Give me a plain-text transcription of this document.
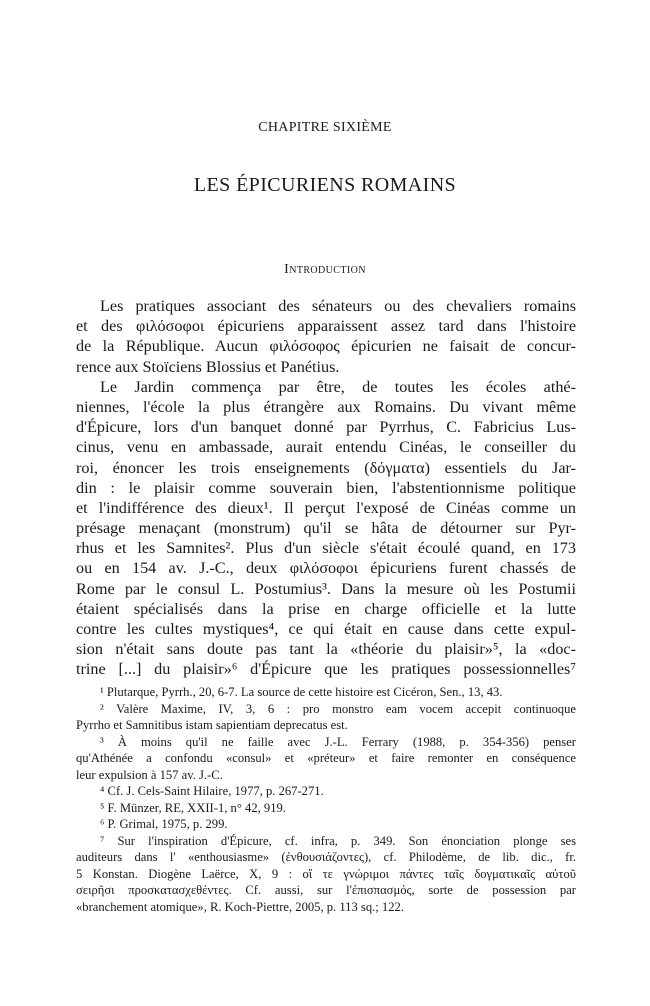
CHAPITRE SIXIÈME
LES ÉPICURIENS ROMAINS
Introduction
Les pratiques associant des sénateurs ou des chevaliers romains
et des φιλόσοφοι épicuriens apparaissent assez tard dans l'histoire
de la République. Aucun φιλόσοφος épicurien ne faisait de concur-
rence aux Stoïciens Blossius et Panétius.
Le Jardin commença par être, de toutes les écoles athé-
niennes, l'école la plus étrangère aux Romains. Du vivant même
d'Épicure, lors d'un banquet donné par Pyrrhus, C. Fabricius Lus-
cinus, venu en ambassade, aurait entendu Cinéas, le conseiller du
roi, énoncer les trois enseignements (δόγματα) essentiels du Jar-
din : le plaisir comme souverain bien, l'abstentionnisme politique
et l'indifférence des dieux¹. Il perçut l'exposé de Cinéas comme un
présage menaçant (monstrum) qu'il se hâta de détourner sur Pyr-
rhus et les Samnites². Plus d'un siècle s'était écoulé quand, en 173
ou en 154 av. J.-C., deux φιλόσοφοι épicuriens furent chassés de
Rome par le consul L. Postumius³. Dans la mesure où les Postumii
étaient spécialisés dans la prise en charge officielle et la lutte
contre les cultes mystiques⁴, ce qui était en cause dans cette expul-
sion n'était sans doute pas tant la «théorie du plaisir»⁵, la «doc-
trine [...] du plaisir»⁶ d'Épicure que les pratiques possessionnelles⁷
¹ Plutarque, Pyrrh., 20, 6-7. La source de cette histoire est Cicéron, Sen., 13, 43.
² Valère Maxime, IV, 3, 6 : pro monstro eam vocem accepit continuoque
Pyrrho et Samnitibus istam sapientiam deprecatus est.
³ À moins qu'il ne faille avec J.-L. Ferrary (1988, p. 354-356) penser
qu'Athénée a confondu «consul» et «préteur» et faire remonter en conséquence
leur expulsion à 157 av. J.-C.
⁴ Cf. J. Cels-Saint Hilaire, 1977, p. 267-271.
⁵ F. Münzer, RE, XXII-1, n° 42, 919.
⁶ P. Grimal, 1975, p. 299.
⁷ Sur l'inspiration d'Épicure, cf. infra, p. 349. Son énonciation plonge ses
auditeurs dans l' «enthousiasme» (ἐνθουσιάζοντες), cf. Philodème, de lib. dic., fr.
5 Konstan. Diogène Laërce, X, 9 : οἵ τε γνώριμοι πάντες ταῖς δογματικαῖς αὐτοῦ
σειρῆσι προσκατασχεθέντες. Cf. aussi, sur l'ἐπισπασμός, sorte de possession par
«branchement atomique», R. Koch-Piettre, 2005, p. 113 sq.; 122.
